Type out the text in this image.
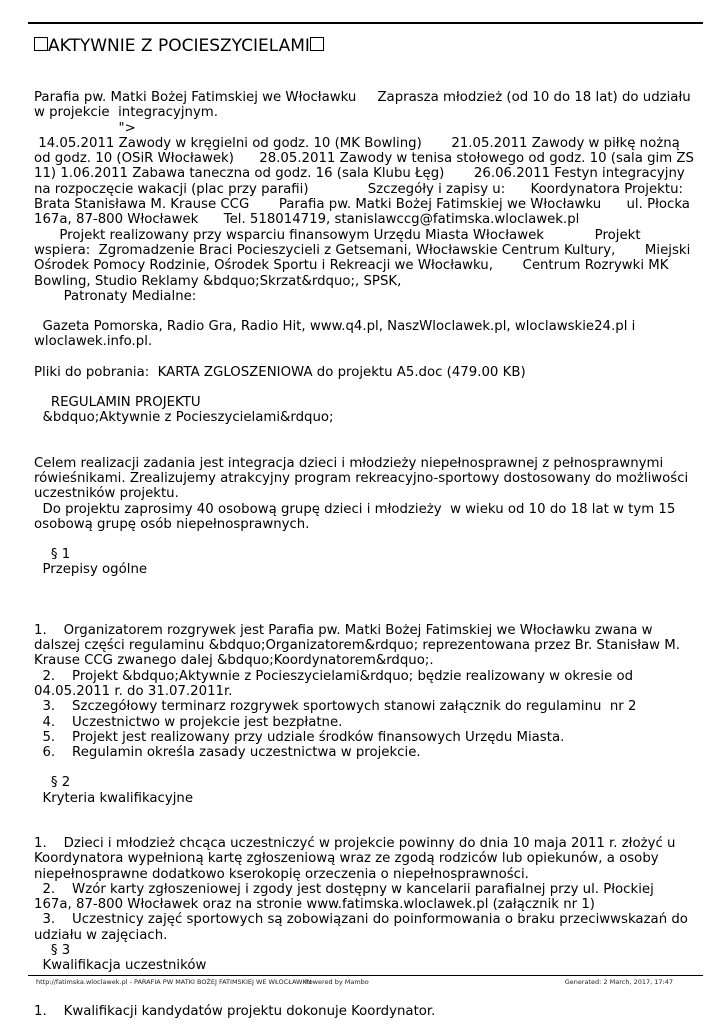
AKTYWNIE Z POCIESZYCIELAMI

Parafia pw. Matki Bożej Fatimskiej we Włocławku     Zaprasza młodzież (od 10 do 18 lat) do udziału w projekcie  integracyjnym.

">

14.05.2011 Zawody w kręgielni od godz. 10 (MK Bowling)       21.05.2011 Zawody w piłkę nożną od godz. 10 (OSiR Włocławek)      28.05.2011 Zawody w tenisa stołowego od godz. 10 (sala gim ZS 11) 1.06.2011 Zabawa taneczna od godz. 16 (sala Klubu Łęg)       26.06.2011 Festyn integracyjny na rozpoczęcie wakacji (plac przy parafii)              Szczegóły i zapisy u:      Koordynatora Projektu: Brata Stanisława M. Krause CCG       Parafia pw. Matki Bożej Fatimskiej we Włocławku      ul. Płocka 167a, 87-800 Włocławek      Tel. 518014719, stanislawccg@fatimska.wloclawek.pl

Projekt realizowany przy wsparciu finansowym Urzędu Miasta Włocławek            Projekt wspiera:  Zgromadzenie Braci Pocieszycieli z Getsemani, Włocławskie Centrum Kultury,       Miejski Ośrodek Pomocy Rodzinie, Ośrodek Sportu i Rekreacji we Włocławku,       Centrum Rozrywki MK Bowling, Studio Reklamy &bdquo;Skrzat&rdquo;, SPSK,

Patronaty Medialne:

Gazeta Pomorska, Radio Gra, Radio Hit, www.q4.pl, NaszWloclawek.pl, wloclawskie24.pl i wloclawek.info.pl.

Pliki do pobrania:  KARTA ZGLOSZENIOWA do projektu A5.doc (479.00 KB)

REGULAMIN PROJEKTU

&bdquo;Aktywnie z Pocieszycielami&rdquo;

Celem realizacji zadania jest integracja dzieci i młodzieży niepełnosprawnej z pełnosprawnymi rówieśnikami. Zrealizujemy atrakcyjny program rekreacyjno-sportowy dostosowany do możliwości uczestników projektu.

Do projektu zaprosimy 40 osobową grupę dzieci i młodzieży  w wieku od 10 do 18 lat w tym 15 osobową grupę osób niepełnosprawnych.

§ 1

Przepisy ogólne

1.    Organizatorem rozgrywek jest Parafia pw. Matki Bożej Fatimskiej we Włocławku zwana w dalszej części regulaminu &bdquo;Organizatorem&rdquo; reprezentowana przez Br. Stanisław M. Krause CCG zwanego dalej &bdquo;Koordynatorem&rdquo;.

2.    Projekt &bdquo;Aktywnie z Pocieszycielami&rdquo; będzie realizowany w okresie od 04.05.2011 r. do 31.07.2011r.

3.    Szczegółowy terminarz rozgrywek sportowych stanowi załącznik do regulaminu  nr 2

4.    Uczestnictwo w projekcie jest bezpłatne.

5.    Projekt jest realizowany przy udziale środków finansowych Urzędu Miasta.

6.    Regulamin określa zasady uczestnictwa w projekcie.

§ 2

Kryteria kwalifikacyjne

1.    Dzieci i młodzież chcąca uczestniczyć w projekcie powinny do dnia 10 maja 2011 r. złożyć u Koordynatora wypełnioną kartę zgłoszeniową wraz ze zgodą rodziców lub opiekunów, a osoby niepełnosprawne dodatkowo kserokopię orzeczenia o niepełnosprawności.

2.    Wzór karty zgłoszeniowej i zgody jest dostępny w kancelarii parafialnej przy ul. Płockiej 167a, 87-800 Włocławek oraz na stronie www.fatimska.wloclawek.pl (załącznik nr 1)

3.    Uczestnicy zajęć sportowych są zobowiązani do poinformowania o braku przeciwwskazań do udziału w zajęciach.

§ 3

Kwalifikacja uczestników

1.    Kwalifikacji kandydatów projektu dokonuje Koordynator.

http://fatimska.wloclawek.pl - PARAFIA PW MATKI BOŻEJ FATIMSKIEJ WE WŁOCŁAWKU
Powered by Mambo	Generated: 2 March, 2017, 17:47
